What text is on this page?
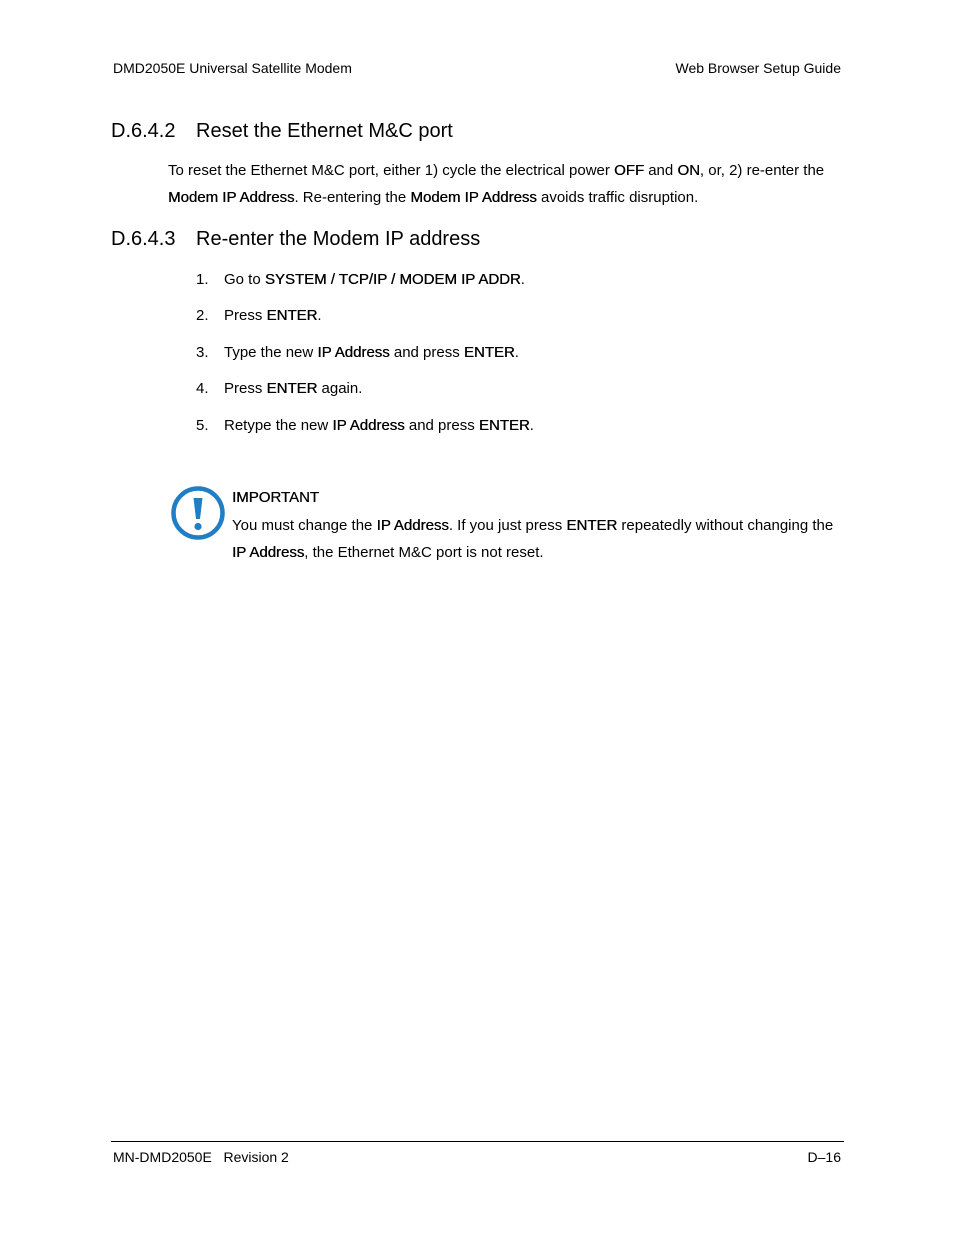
DMD2050E Universal Satellite Modem	Web Browser Setup Guide
D.6.4.2 Reset the Ethernet M&C port
To reset the Ethernet M&C port, either 1) cycle the electrical power OFF and ON, or, 2) re-enter the Modem IP Address. Re-entering the Modem IP Address avoids traffic disruption.
D.6.4.3 Re-enter the Modem IP address
1. Go to SYSTEM / TCP/IP / MODEM IP ADDR.
2. Press ENTER.
3. Type the new IP Address and press ENTER.
4. Press ENTER again.
5. Retype the new IP Address and press ENTER.
IMPORTANT
You must change the IP Address. If you just press ENTER repeatedly without changing the IP Address, the Ethernet M&C port is not reset.
MN-DMD2050E   Revision 2	D–16
